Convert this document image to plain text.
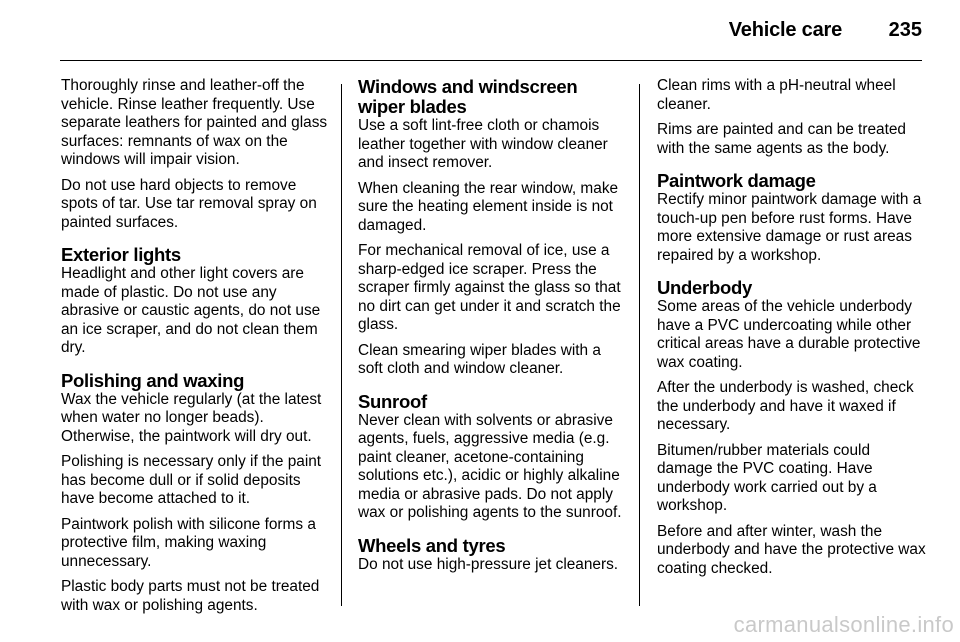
Vehicle care 235

Thoroughly rinse and leather-off the vehicle. Rinse leather frequently. Use separate leathers for painted and glass surfaces: remnants of wax on the windows will impair vision.

Do not use hard objects to remove spots of tar. Use tar removal spray on painted surfaces.

Exterior lights

Headlight and other light covers are made of plastic. Do not use any abrasive or caustic agents, do not use an ice scraper, and do not clean them dry.

Polishing and waxing

Wax the vehicle regularly (at the latest when water no longer beads). Otherwise, the paintwork will dry out.

Polishing is necessary only if the paint has become dull or if solid deposits have become attached to it.

Paintwork polish with silicone forms a protective film, making waxing unnecessary.

Plastic body parts must not be treated with wax or polishing agents.

Windows and windscreen wiper blades

Use a soft lint-free cloth or chamois leather together with window cleaner and insect remover.

When cleaning the rear window, make sure the heating element inside is not damaged.

For mechanical removal of ice, use a sharp-edged ice scraper. Press the scraper firmly against the glass so that no dirt can get under it and scratch the glass.

Clean smearing wiper blades with a soft cloth and window cleaner.

Sunroof

Never clean with solvents or abrasive agents, fuels, aggressive media (e.g. paint cleaner, acetone-containing solutions etc.), acidic or highly alkaline media or abrasive pads. Do not apply wax or polishing agents to the sunroof.

Wheels and tyres

Do not use high-pressure jet cleaners.

Clean rims with a pH-neutral wheel cleaner.

Rims are painted and can be treated with the same agents as the body.

Paintwork damage

Rectify minor paintwork damage with a touch-up pen before rust forms. Have more extensive damage or rust areas repaired by a workshop.

Underbody

Some areas of the vehicle underbody have a PVC undercoating while other critical areas have a durable protective wax coating.

After the underbody is washed, check the underbody and have it waxed if necessary.

Bitumen/rubber materials could damage the PVC coating. Have underbody work carried out by a workshop.

Before and after winter, wash the underbody and have the protective wax coating checked.

carmanualsonline.info
